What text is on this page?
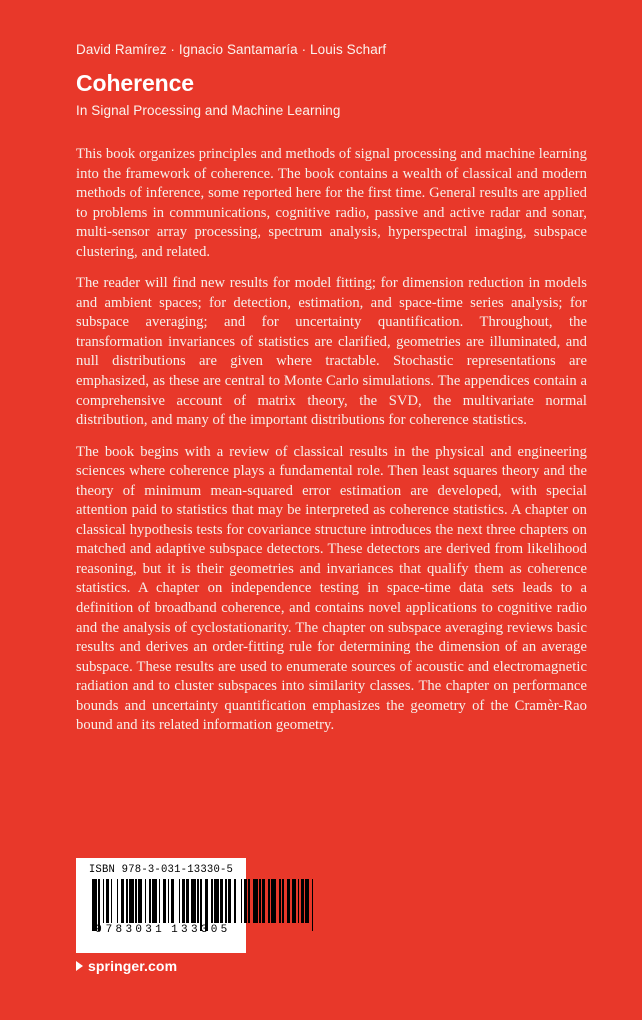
David Ramírez · Ignacio Santamaría · Louis Scharf
Coherence
In Signal Processing and Machine Learning

This book organizes principles and methods of signal processing and machine learning into the framework of coherence. The book contains a wealth of classical and modern methods of inference, some reported here for the first time. General results are applied to problems in communications, cognitive radio, passive and active radar and sonar, multi-sensor array processing, spectrum analysis, hyperspectral imaging, subspace clustering, and related.

The reader will find new results for model fitting; for dimension reduction in models and ambient spaces; for detection, estimation, and space-time series analysis; for subspace averaging; and for uncertainty quantification. Throughout, the transformation invariances of statistics are clarified, geometries are illuminated, and null distributions are given where tractable. Stochastic representations are emphasized, as these are central to Monte Carlo simulations. The appendices contain a comprehensive account of matrix theory, the SVD, the multivariate normal distribution, and many of the important distributions for coherence statistics.

The book begins with a review of classical results in the physical and engineering sciences where coherence plays a fundamental role. Then least squares theory and the theory of minimum mean-squared error estimation are developed, with special attention paid to statistics that may be interpreted as coherence statistics. A chapter on classical hypothesis tests for covariance structure introduces the next three chapters on matched and adaptive subspace detectors. These detectors are derived from likelihood reasoning, but it is their geometries and invariances that qualify them as coherence statistics. A chapter on independence testing in space-time data sets leads to a definition of broadband coherence, and contains novel applications to cognitive radio and the analysis of cyclostationarity. The chapter on subspace averaging reviews basic results and derives an order-fitting rule for determining the dimension of an average subspace. These results are used to enumerate sources of acoustic and electromagnetic radiation and to cluster subspaces into similarity classes. The chapter on performance bounds and uncertainty quantification emphasizes the geometry of the Cramèr-Rao bound and its related information geometry.

ISBN 978-3-031-13330-5
9 7 8 3 0 3 1 1 3 3 3 0 5
springer.com
